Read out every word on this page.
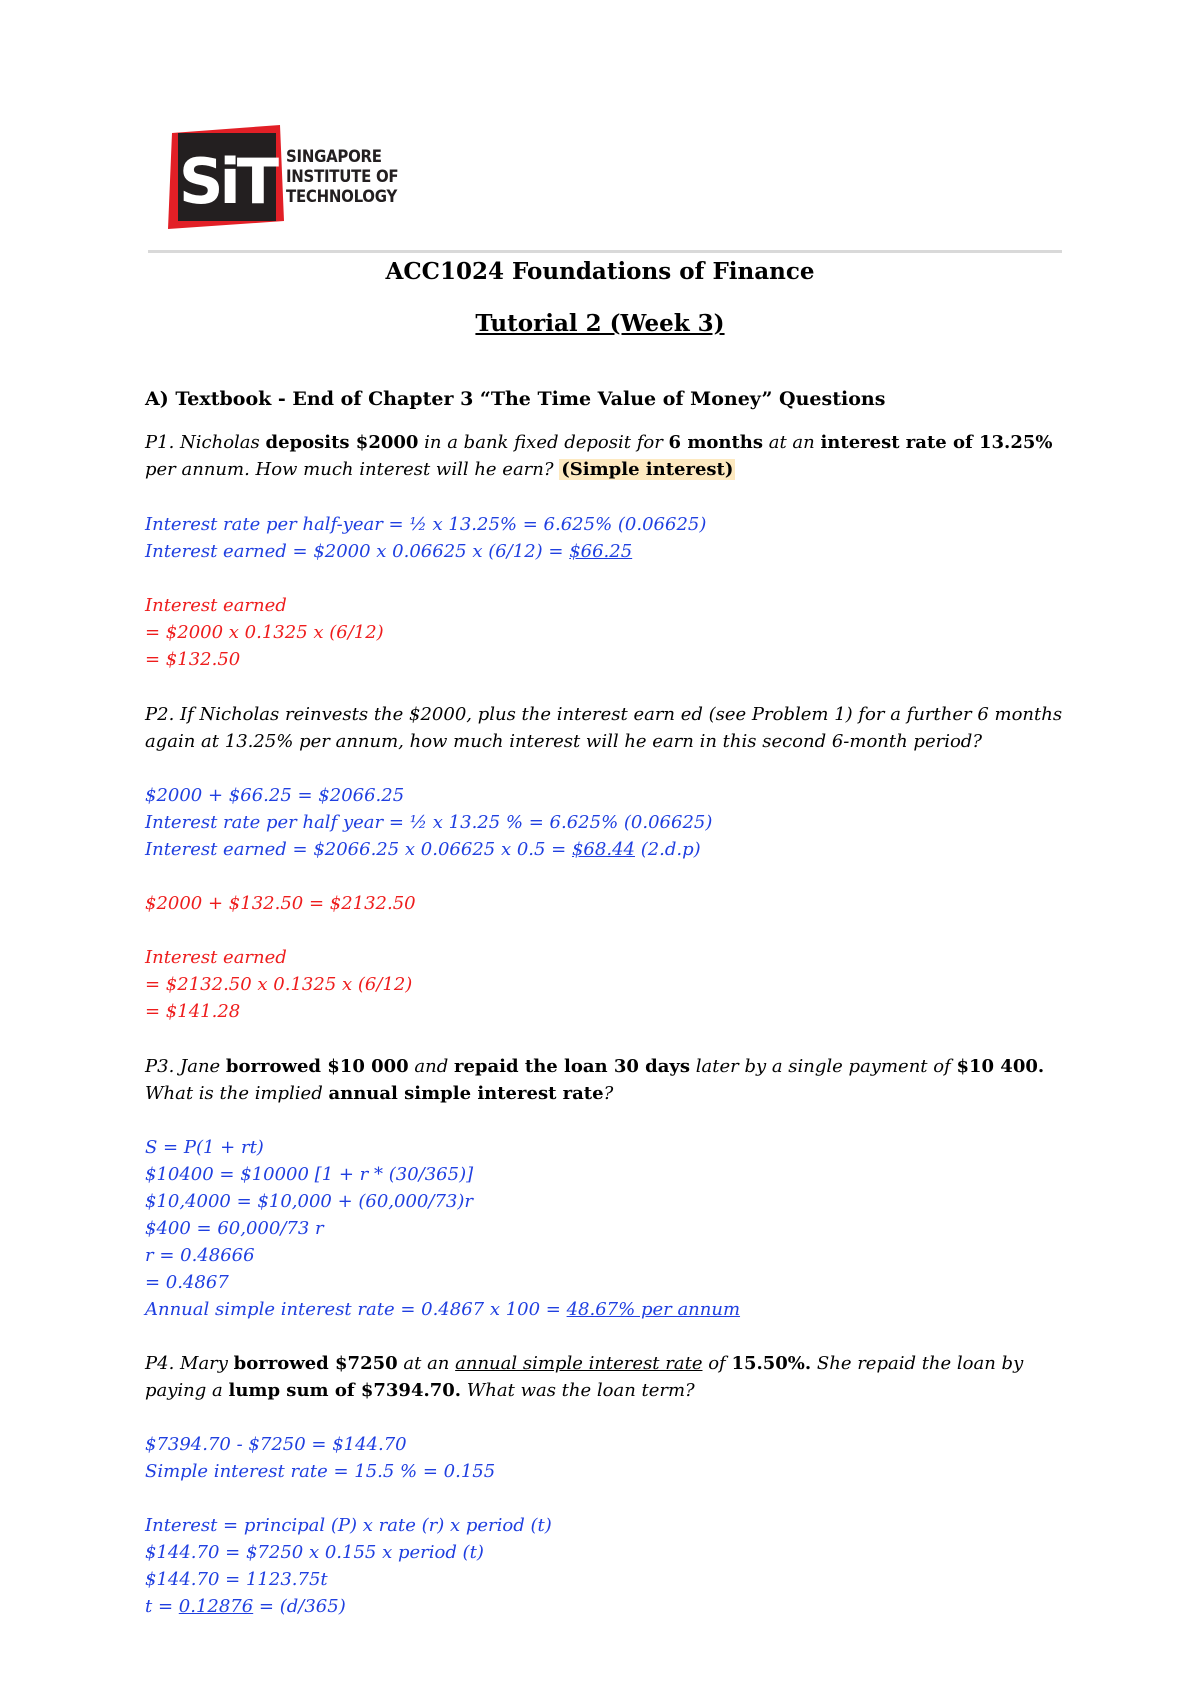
SiT SINGAPORE
INSTITUTE OF
TECHNOLOGY
ACC1024 Foundations of Finance
Tutorial 2 (Week 3)
A) Textbook - End of Chapter 3 “The Time Value of Money” Questions
P1. Nicholas deposits $2000 in a bank fixed deposit for 6 months at an interest rate of 13.25%
per annum. How much interest will he earn? (Simple interest)
Interest rate per half-year = ½ x 13.25% = 6.625% (0.06625)
Interest earned = $2000 x 0.06625 x (6/12) = $66.25
Interest earned
= $2000 x 0.1325 x (6/12)
= $132.50
P2. If Nicholas reinvests the $2000, plus the interest earn ed (see Problem 1) for a further 6 months
again at 13.25% per annum, how much interest will he earn in this second 6-month period?
$2000 + $66.25 = $2066.25
Interest rate per half year = ½ x 13.25 % = 6.625% (0.06625)
Interest earned = $2066.25 x 0.06625 x 0.5 = $68.44 (2.d.p)
$2000 + $132.50 = $2132.50
Interest earned
= $2132.50 x 0.1325 x (6/12)
= $141.28
P3. Jane borrowed $10 000 and repaid the loan 30 days later by a single payment of $10 400.
What is the implied annual simple interest rate?
S = P(1 + rt)
$10400 = $10000 [1 + r * (30/365)]
$10,4000 = $10,000 + (60,000/73)r
$400 = 60,000/73 r
r = 0.48666
= 0.4867
Annual simple interest rate = 0.4867 x 100 = 48.67% per annum
P4. Mary borrowed $7250 at an annual simple interest rate of 15.50%. She repaid the loan by
paying a lump sum of $7394.70. What was the loan term?
$7394.70 - $7250 = $144.70
Simple interest rate = 15.5 % = 0.155
Interest = principal (P) x rate (r) x period (t)
$144.70 = $7250 x 0.155 x period (t)
$144.70 = 1123.75t
t = 0.12876 = (d/365)
